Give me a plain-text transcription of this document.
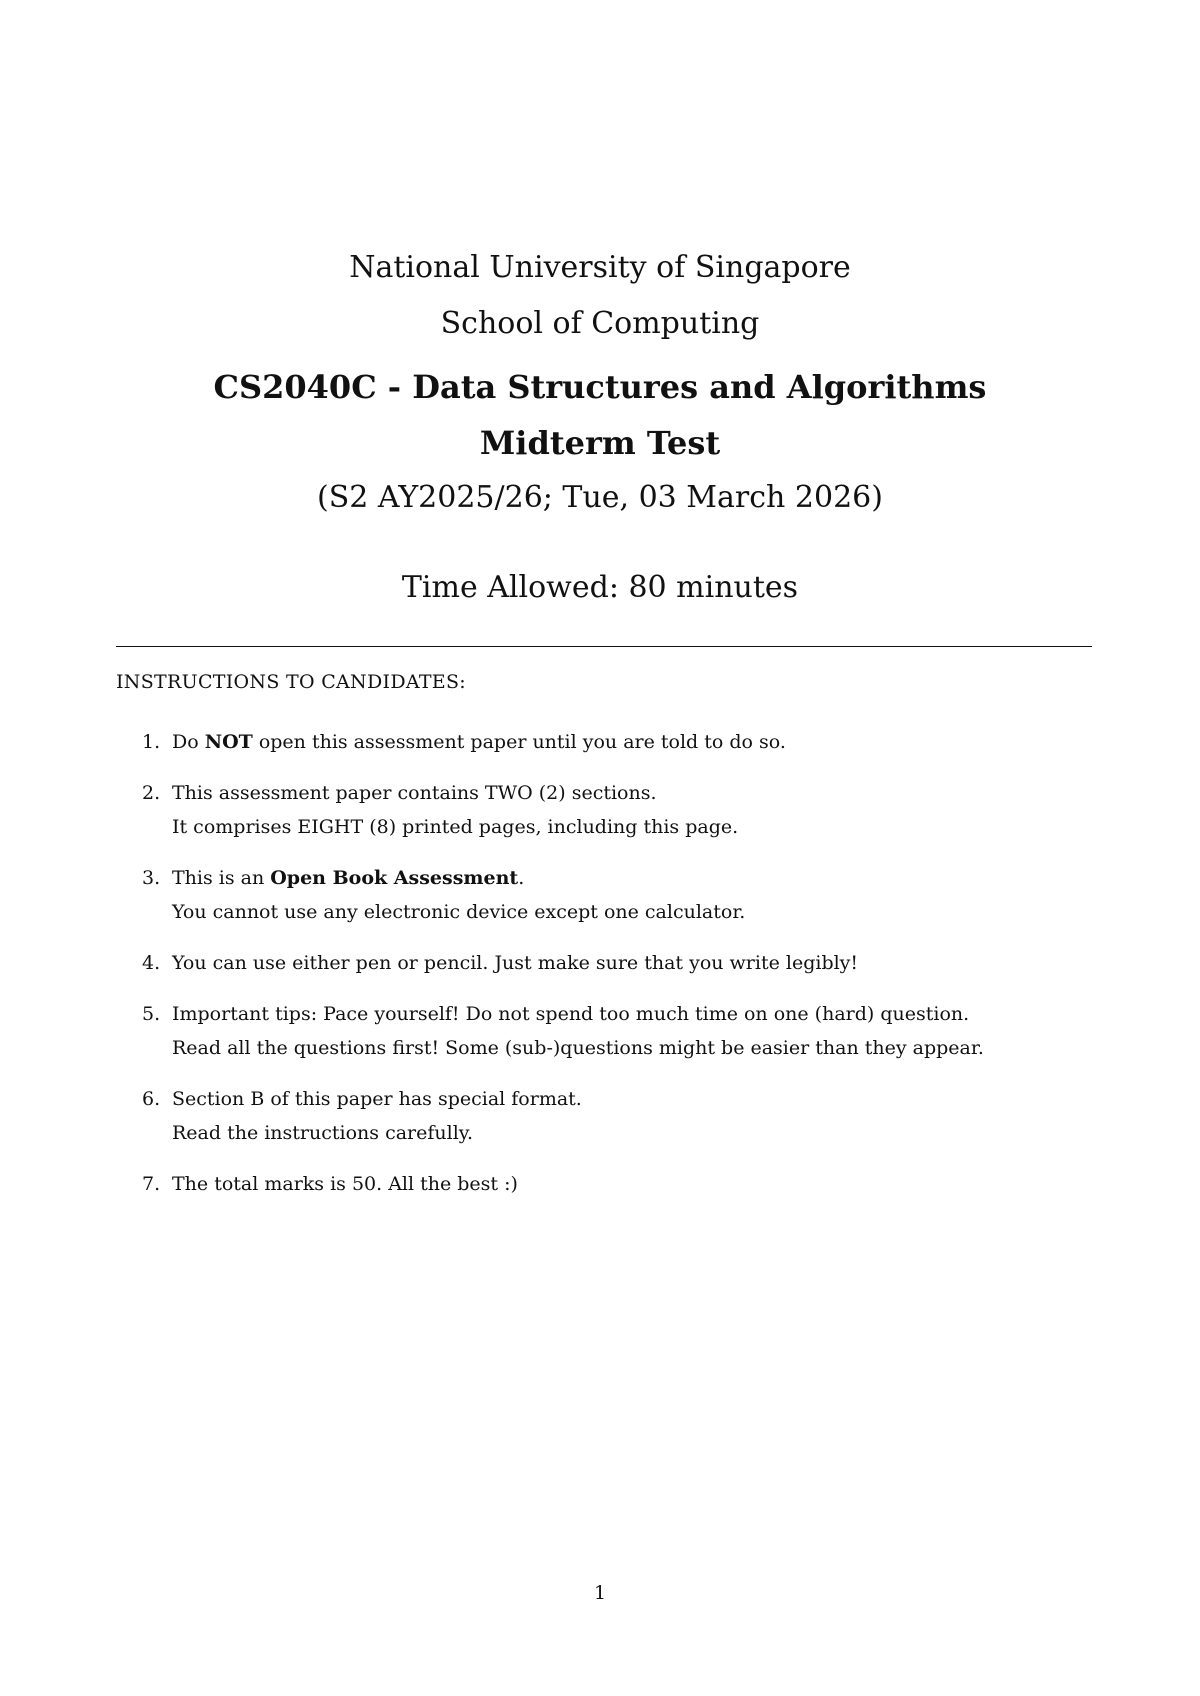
National University of Singapore
School of Computing
CS2040C - Data Structures and Algorithms
Midterm Test
(S2 AY2025/26; Tue, 03 March 2026)
Time Allowed: 80 minutes
INSTRUCTIONS TO CANDIDATES:
1. Do NOT open this assessment paper until you are told to do so.
2. This assessment paper contains TWO (2) sections.
It comprises EIGHT (8) printed pages, including this page.
3. This is an Open Book Assessment.
You cannot use any electronic device except one calculator.
4. You can use either pen or pencil. Just make sure that you write legibly!
5. Important tips: Pace yourself! Do not spend too much time on one (hard) question.
Read all the questions first! Some (sub-)questions might be easier than they appear.
6. Section B of this paper has special format.
Read the instructions carefully.
7. The total marks is 50. All the best :)
1
